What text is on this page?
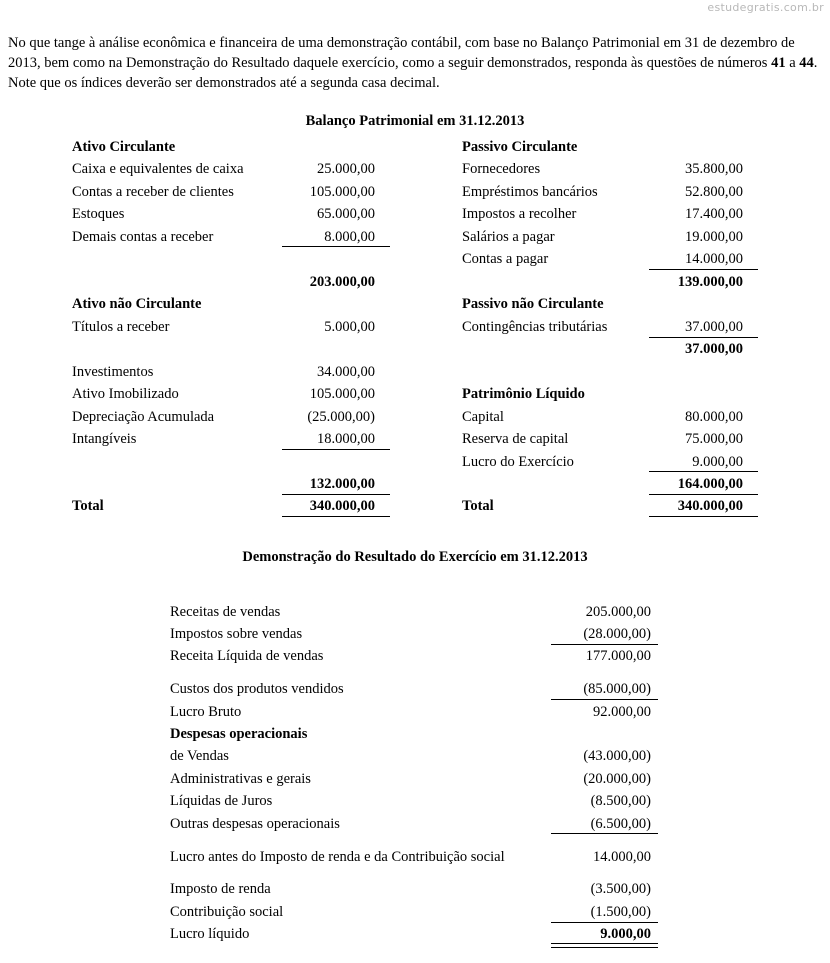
estudegratis.com.br
No que tange à análise econômica e financeira de uma demonstração contábil, com base no Balanço Patrimonial em 31 de dezembro de 2013, bem como na Demonstração do Resultado daquele exercício, como a seguir demonstrados, responda às questões de números 41 a 44. Note que os índices deverão ser demonstrados até a segunda casa decimal.
Balanço Patrimonial em 31.12.2013
Ativo Circulante
Caixa e equivalentes de caixa	25.000,00
Contas a receber de clientes	105.000,00
Estoques	65.000,00
Demais contas a receber	8.000,00
203.000,00
Ativo não Circulante
Títulos a receber	5.000,00
Investimentos	34.000,00
Ativo Imobilizado	105.000,00
Depreciação Acumulada	(25.000,00)
Intangíveis	18.000,00
132.000,00
Total	340.000,00
Passivo Circulante
Fornecedores	35.800,00
Empréstimos bancários	52.800,00
Impostos a recolher	17.400,00
Salários a pagar	19.000,00
Contas a pagar	14.000,00
139.000,00
Passivo não Circulante
Contingências tributárias	37.000,00
37.000,00
Patrimônio Líquido
Capital	80.000,00
Reserva de capital	75.000,00
Lucro do Exercício	9.000,00
164.000,00
Total	340.000,00
Demonstração do Resultado do Exercício em 31.12.2013
Receitas de vendas	205.000,00
Impostos sobre vendas	(28.000,00)
Receita Líquida de vendas	177.000,00
Custos dos produtos vendidos	(85.000,00)
Lucro Bruto	92.000,00
Despesas operacionais
de Vendas	(43.000,00)
Administrativas e gerais	(20.000,00)
Líquidas de Juros	(8.500,00)
Outras despesas operacionais	(6.500,00)
Lucro antes do Imposto de renda e da Contribuição social	14.000,00
Imposto de renda	(3.500,00)
Contribuição social	(1.500,00)
Lucro líquido	9.000,00
